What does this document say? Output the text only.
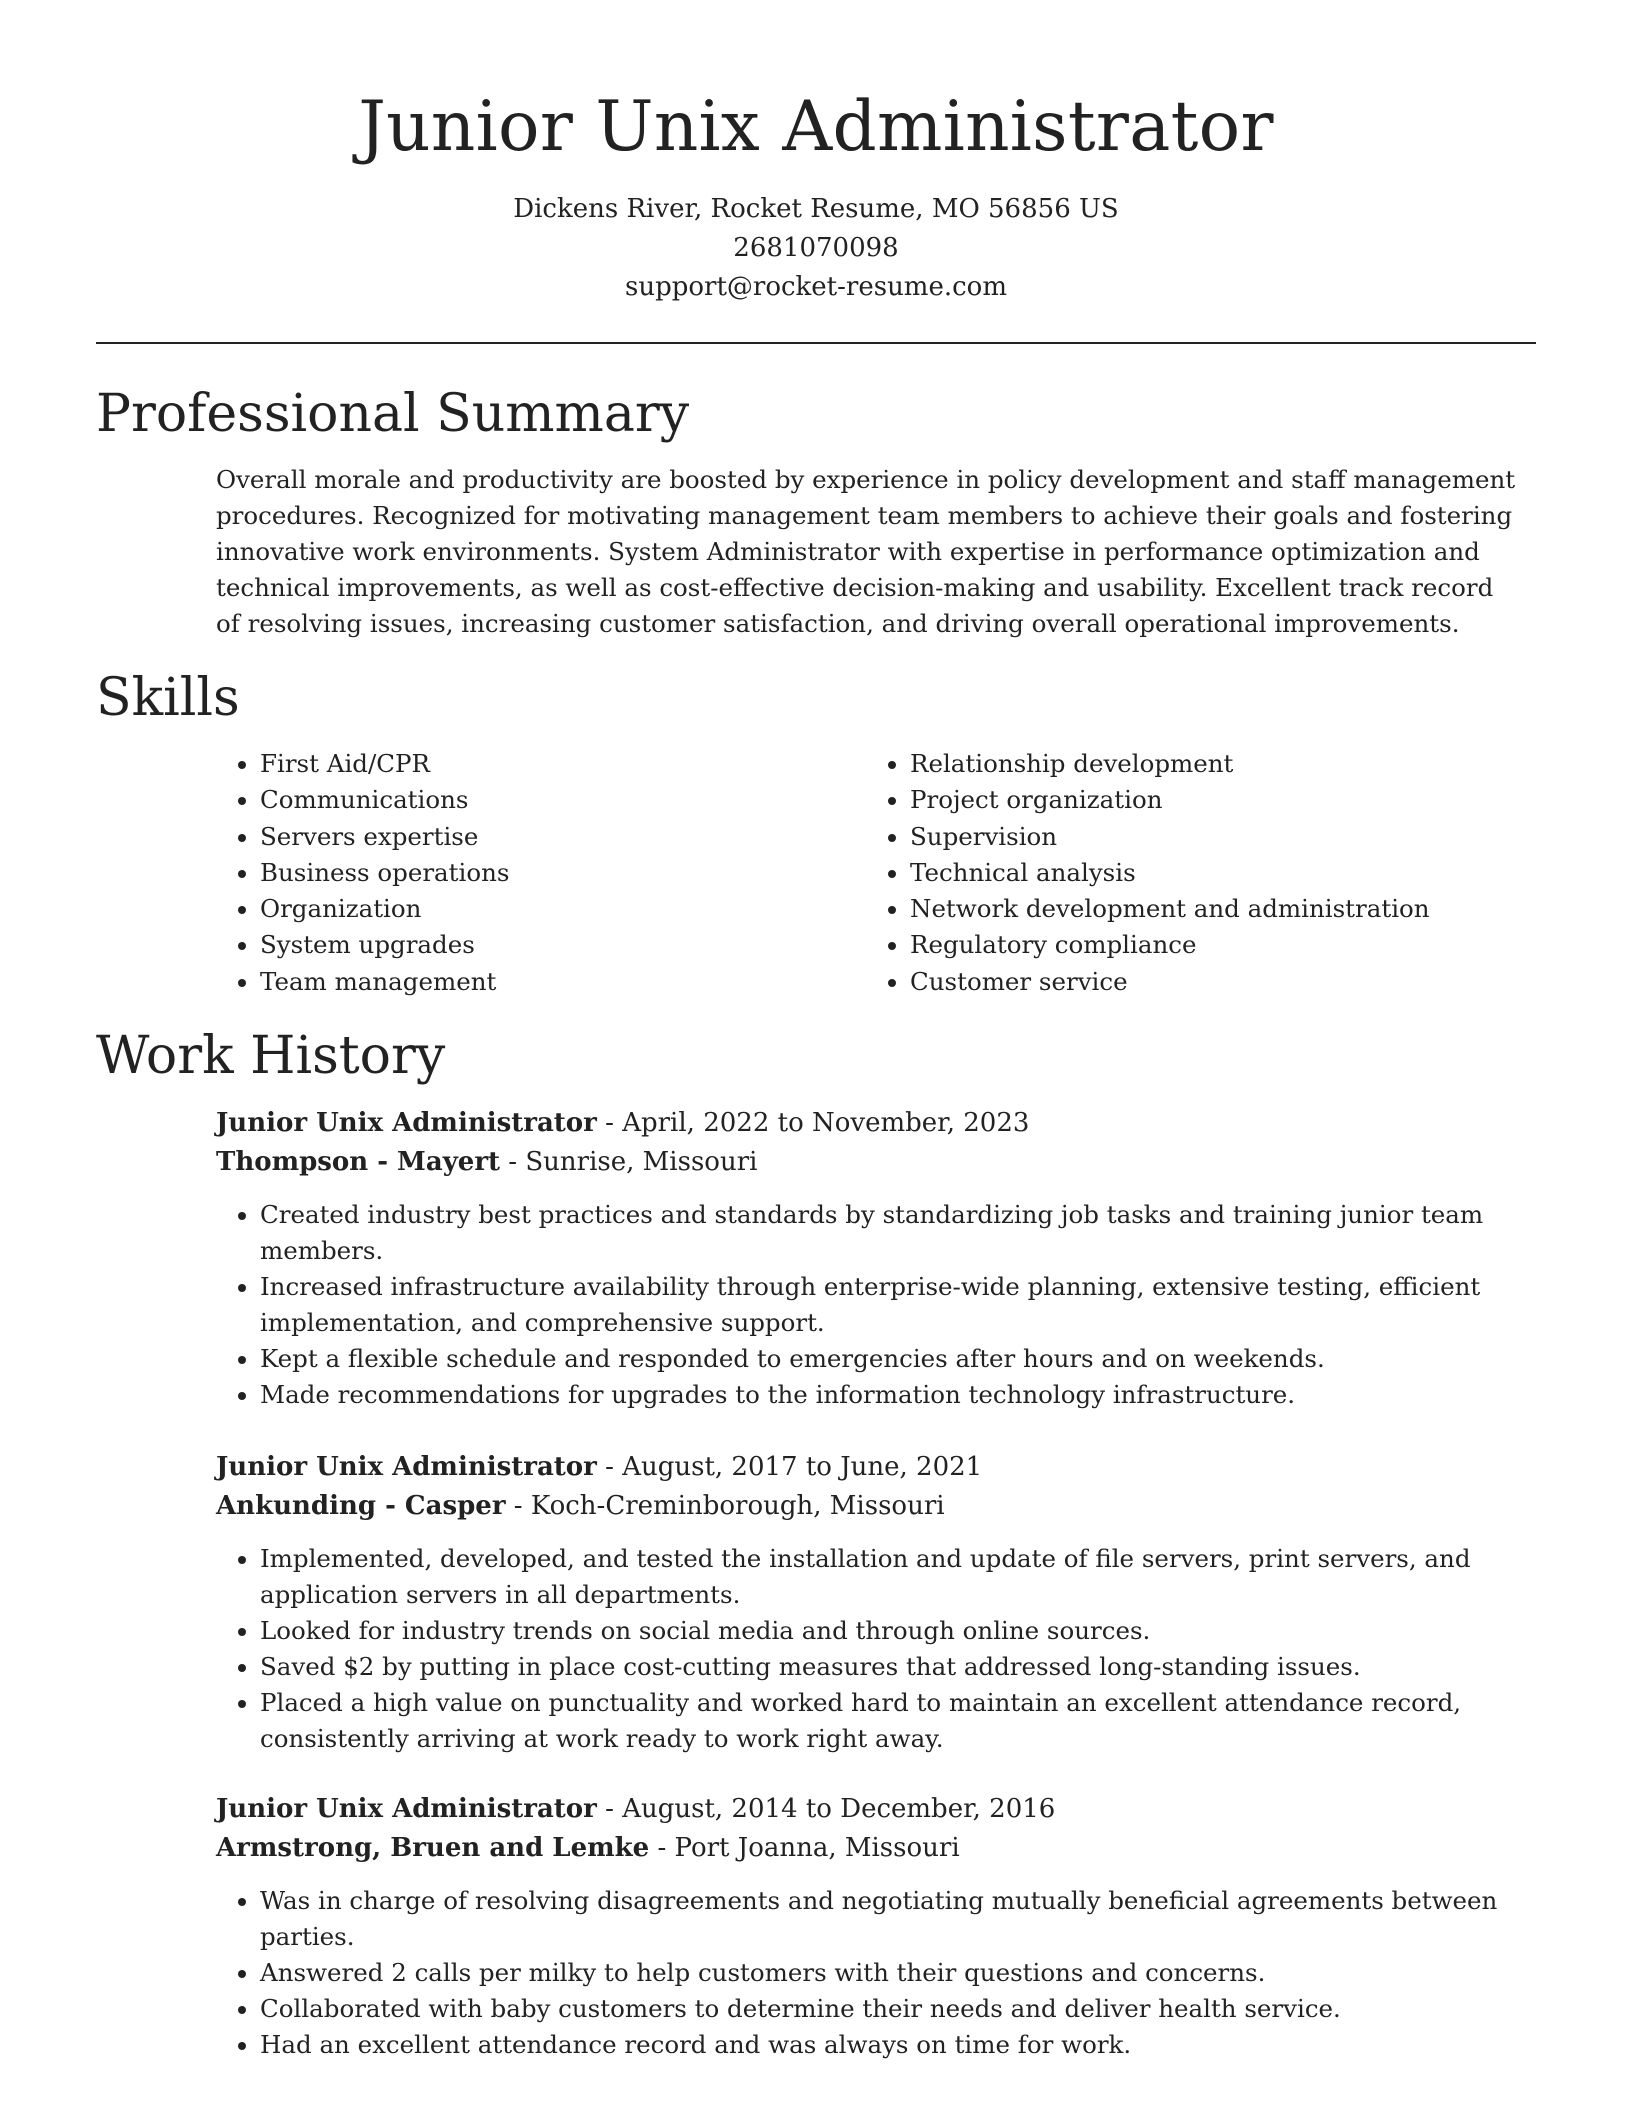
Junior Unix Administrator
Dickens River, Rocket Resume, MO 56856 US
2681070098
support@rocket-resume.com
Professional Summary

Overall morale and productivity are boosted by experience in policy development and staff management procedures. Recognized for motivating management team members to achieve their goals and fostering innovative work environments. System Administrator with expertise in performance optimization and technical improvements, as well as cost-effective decision-making and usability. Excellent track record of resolving issues, increasing customer satisfaction, and driving overall operational improvements.

Skills
• First Aid/CPR
• Communications
• Servers expertise
• Business operations
• Organization
• System upgrades
• Team management
• Relationship development
• Project organization
• Supervision
• Technical analysis
• Network development and administration
• Regulatory compliance
• Customer service
Work History
Junior Unix Administrator - April, 2022 to November, 2023
Thompson - Mayert - Sunrise, Missouri
• Created industry best practices and standards by standardizing job tasks and training junior team members.
• Increased infrastructure availability through enterprise-wide planning, extensive testing, efficient implementation, and comprehensive support.
• Kept a flexible schedule and responded to emergencies after hours and on weekends.
• Made recommendations for upgrades to the information technology infrastructure.
Junior Unix Administrator - August, 2017 to June, 2021
Ankunding - Casper - Koch-Creminborough, Missouri
• Implemented, developed, and tested the installation and update of file servers, print servers, and application servers in all departments.
• Looked for industry trends on social media and through online sources.
• Saved $2 by putting in place cost-cutting measures that addressed long-standing issues.
• Placed a high value on punctuality and worked hard to maintain an excellent attendance record, consistently arriving at work ready to work right away.
Junior Unix Administrator - August, 2014 to December, 2016
Armstrong, Bruen and Lemke - Port Joanna, Missouri
• Was in charge of resolving disagreements and negotiating mutually beneficial agreements between parties.
• Answered 2 calls per milky to help customers with their questions and concerns.
• Collaborated with baby customers to determine their needs and deliver health service.
• Had an excellent attendance record and was always on time for work.
